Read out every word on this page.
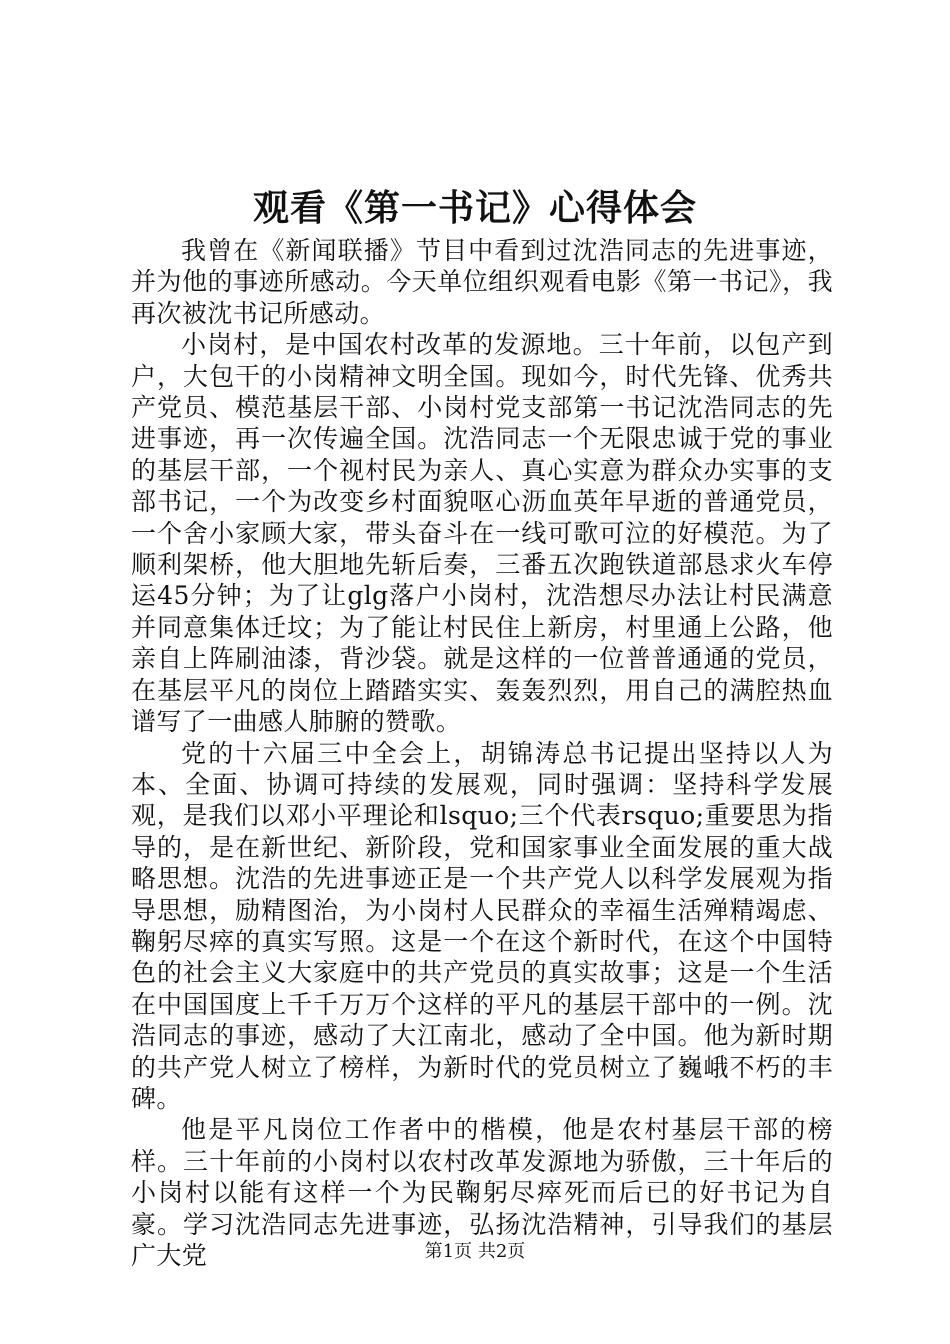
观看《第一书记》心得体会

我曾在《新闻联播》节目中看到过沈浩同志的先进事迹，并为他的事迹所感动。今天单位组织观看电影《第一书记》，我再次被沈书记所感动。

小岗村，是中国农村改革的发源地。三十年前，以包产到户，大包干的小岗精神文明全国。现如今，时代先锋、优秀共产党员、模范基层干部、小岗村党支部第一书记沈浩同志的先进事迹，再一次传遍全国。沈浩同志一个无限忠诚于党的事业的基层干部，一个视村民为亲人、真心实意为群众办实事的支部书记，一个为改变乡村面貌呕心沥血英年早逝的普通党员，一个舍小家顾大家，带头奋斗在一线可歌可泣的好模范。为了顺利架桥，他大胆地先斩后奏，三番五次跑铁道部恳求火车停运45分钟；为了让glg落户小岗村，沈浩想尽办法让村民满意并同意集体迁坟；为了能让村民住上新房，村里通上公路，他亲自上阵刷油漆，背沙袋。就是这样的一位普普通通的党员，在基层平凡的岗位上踏踏实实、轰轰烈烈，用自己的满腔热血谱写了一曲感人肺腑的赞歌。

党的十六届三中全会上，胡锦涛总书记提出坚持以人为本、全面、协调可持续的发展观，同时强调：坚持科学发展观，是我们以邓小平理论和lsquo;三个代表rsquo;重要思为指导的，是在新世纪、新阶段，党和国家事业全面发展的重大战略思想。沈浩的先进事迹正是一个共产党人以科学发展观为指导思想，励精图治，为小岗村人民群众的幸福生活殚精竭虑、鞠躬尽瘁的真实写照。这是一个在这个新时代，在这个中国特色的社会主义大家庭中的共产党员的真实故事；这是一个生活在中国国度上千千万万个这样的平凡的基层干部中的一例。沈浩同志的事迹，感动了大江南北，感动了全中国。他为新时期的共产党人树立了榜样，为新时代的党员树立了巍峨不朽的丰碑。

他是平凡岗位工作者中的楷模，他是农村基层干部的榜样。三十年前的小岗村以农村改革发源地为骄傲，三十年后的小岗村以能有这样一个为民鞠躬尽瘁死而后已的好书记为自豪。学习沈浩同志先进事迹，弘扬沈浩精神，引导我们的基层广大党	第1页 共2页
